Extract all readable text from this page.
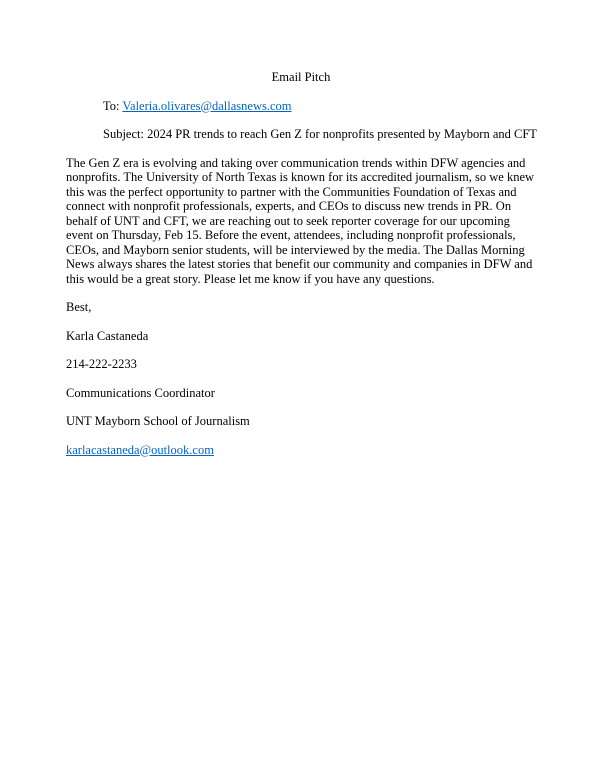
Email Pitch
To: Valeria.olivares@dallasnews.com
Subject: 2024 PR trends to reach Gen Z for nonprofits presented by Mayborn and CFT

The Gen Z era is evolving and taking over communication trends within DFW agencies and nonprofits. The University of North Texas is known for its accredited journalism, so we knew this was the perfect opportunity to partner with the Communities Foundation of Texas and connect with nonprofit professionals, experts, and CEOs to discuss new trends in PR. On behalf of UNT and CFT, we are reaching out to seek reporter coverage for our upcoming event on Thursday, Feb 15. Before the event, attendees, including nonprofit professionals, CEOs, and Mayborn senior students, will be interviewed by the media. The Dallas Morning News always shares the latest stories that benefit our community and companies in DFW and this would be a great story. Please let me know if you have any questions.

Best,
Karla Castaneda
214-222-2233
Communications Coordinator
UNT Mayborn School of Journalism
karlacastaneda@outlook.com
